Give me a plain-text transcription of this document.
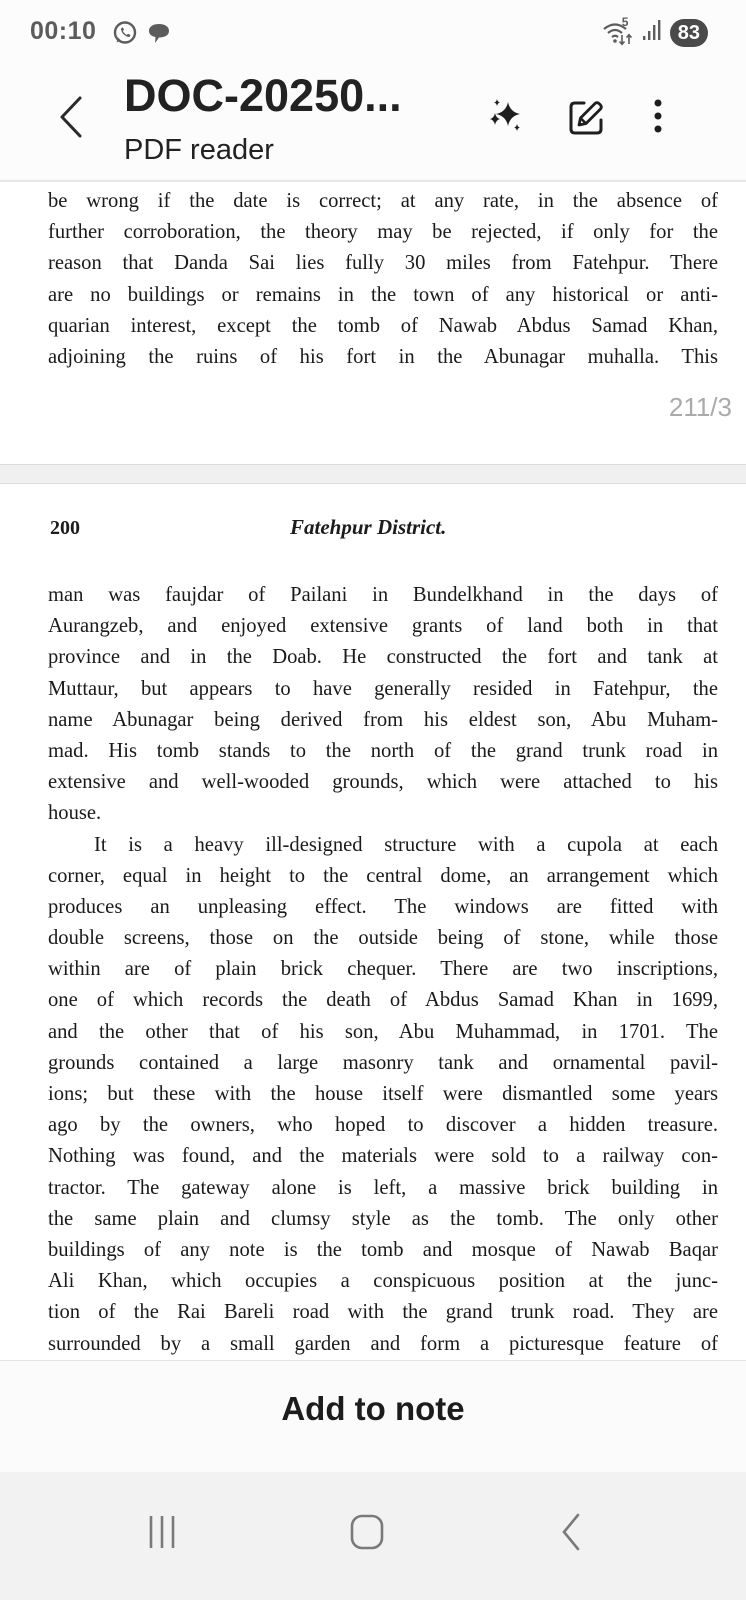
00:10	5	83
DOC-20250...
PDF reader
be wrong if the date is correct; at any rate, in the absence of
further corroboration, the theory may be rejected, if only for the
reason that Danda Sai lies fully 30 miles from Fatehpur. There
are no buildings or remains in the town of any historical or anti-
quarian interest, except the tomb of Nawab Abdus Samad Khan,
adjoining the ruins of his fort in the Abunagar muhalla. This
211/3
200	Fatehpur District.
man was faujdar of Pailani in Bundelkhand in the days of
Aurangzeb, and enjoyed extensive grants of land both in that
province and in the Doab. He constructed the fort and tank at
Muttaur, but appears to have generally resided in Fatehpur, the
name Abunagar being derived from his eldest son, Abu Muham-
mad. His tomb stands to the north of the grand trunk road in
extensive and well-wooded grounds, which were attached to his
house.
It is a heavy ill-designed structure with a cupola at each
corner, equal in height to the central dome, an arrangement which
produces an unpleasing effect. The windows are fitted with
double screens, those on the outside being of stone, while those
within are of plain brick chequer. There are two inscriptions,
one of which records the death of Abdus Samad Khan in 1699,
and the other that of his son, Abu Muhammad, in 1701. The
grounds contained a large masonry tank and ornamental pavil-
ions; but these with the house itself were dismantled some years
ago by the owners, who hoped to discover a hidden treasure.
Nothing was found, and the materials were sold to a railway con-
tractor. The gateway alone is left, a massive brick building in
the same plain and clumsy style as the tomb. The only other
buildings of any note is the tomb and mosque of Nawab Baqar
Ali Khan, which occupies a conspicuous position at the junc-
tion of the Rai Bareli road with the grand trunk road. They are
surrounded by a small garden and form a picturesque feature of
Add to note
